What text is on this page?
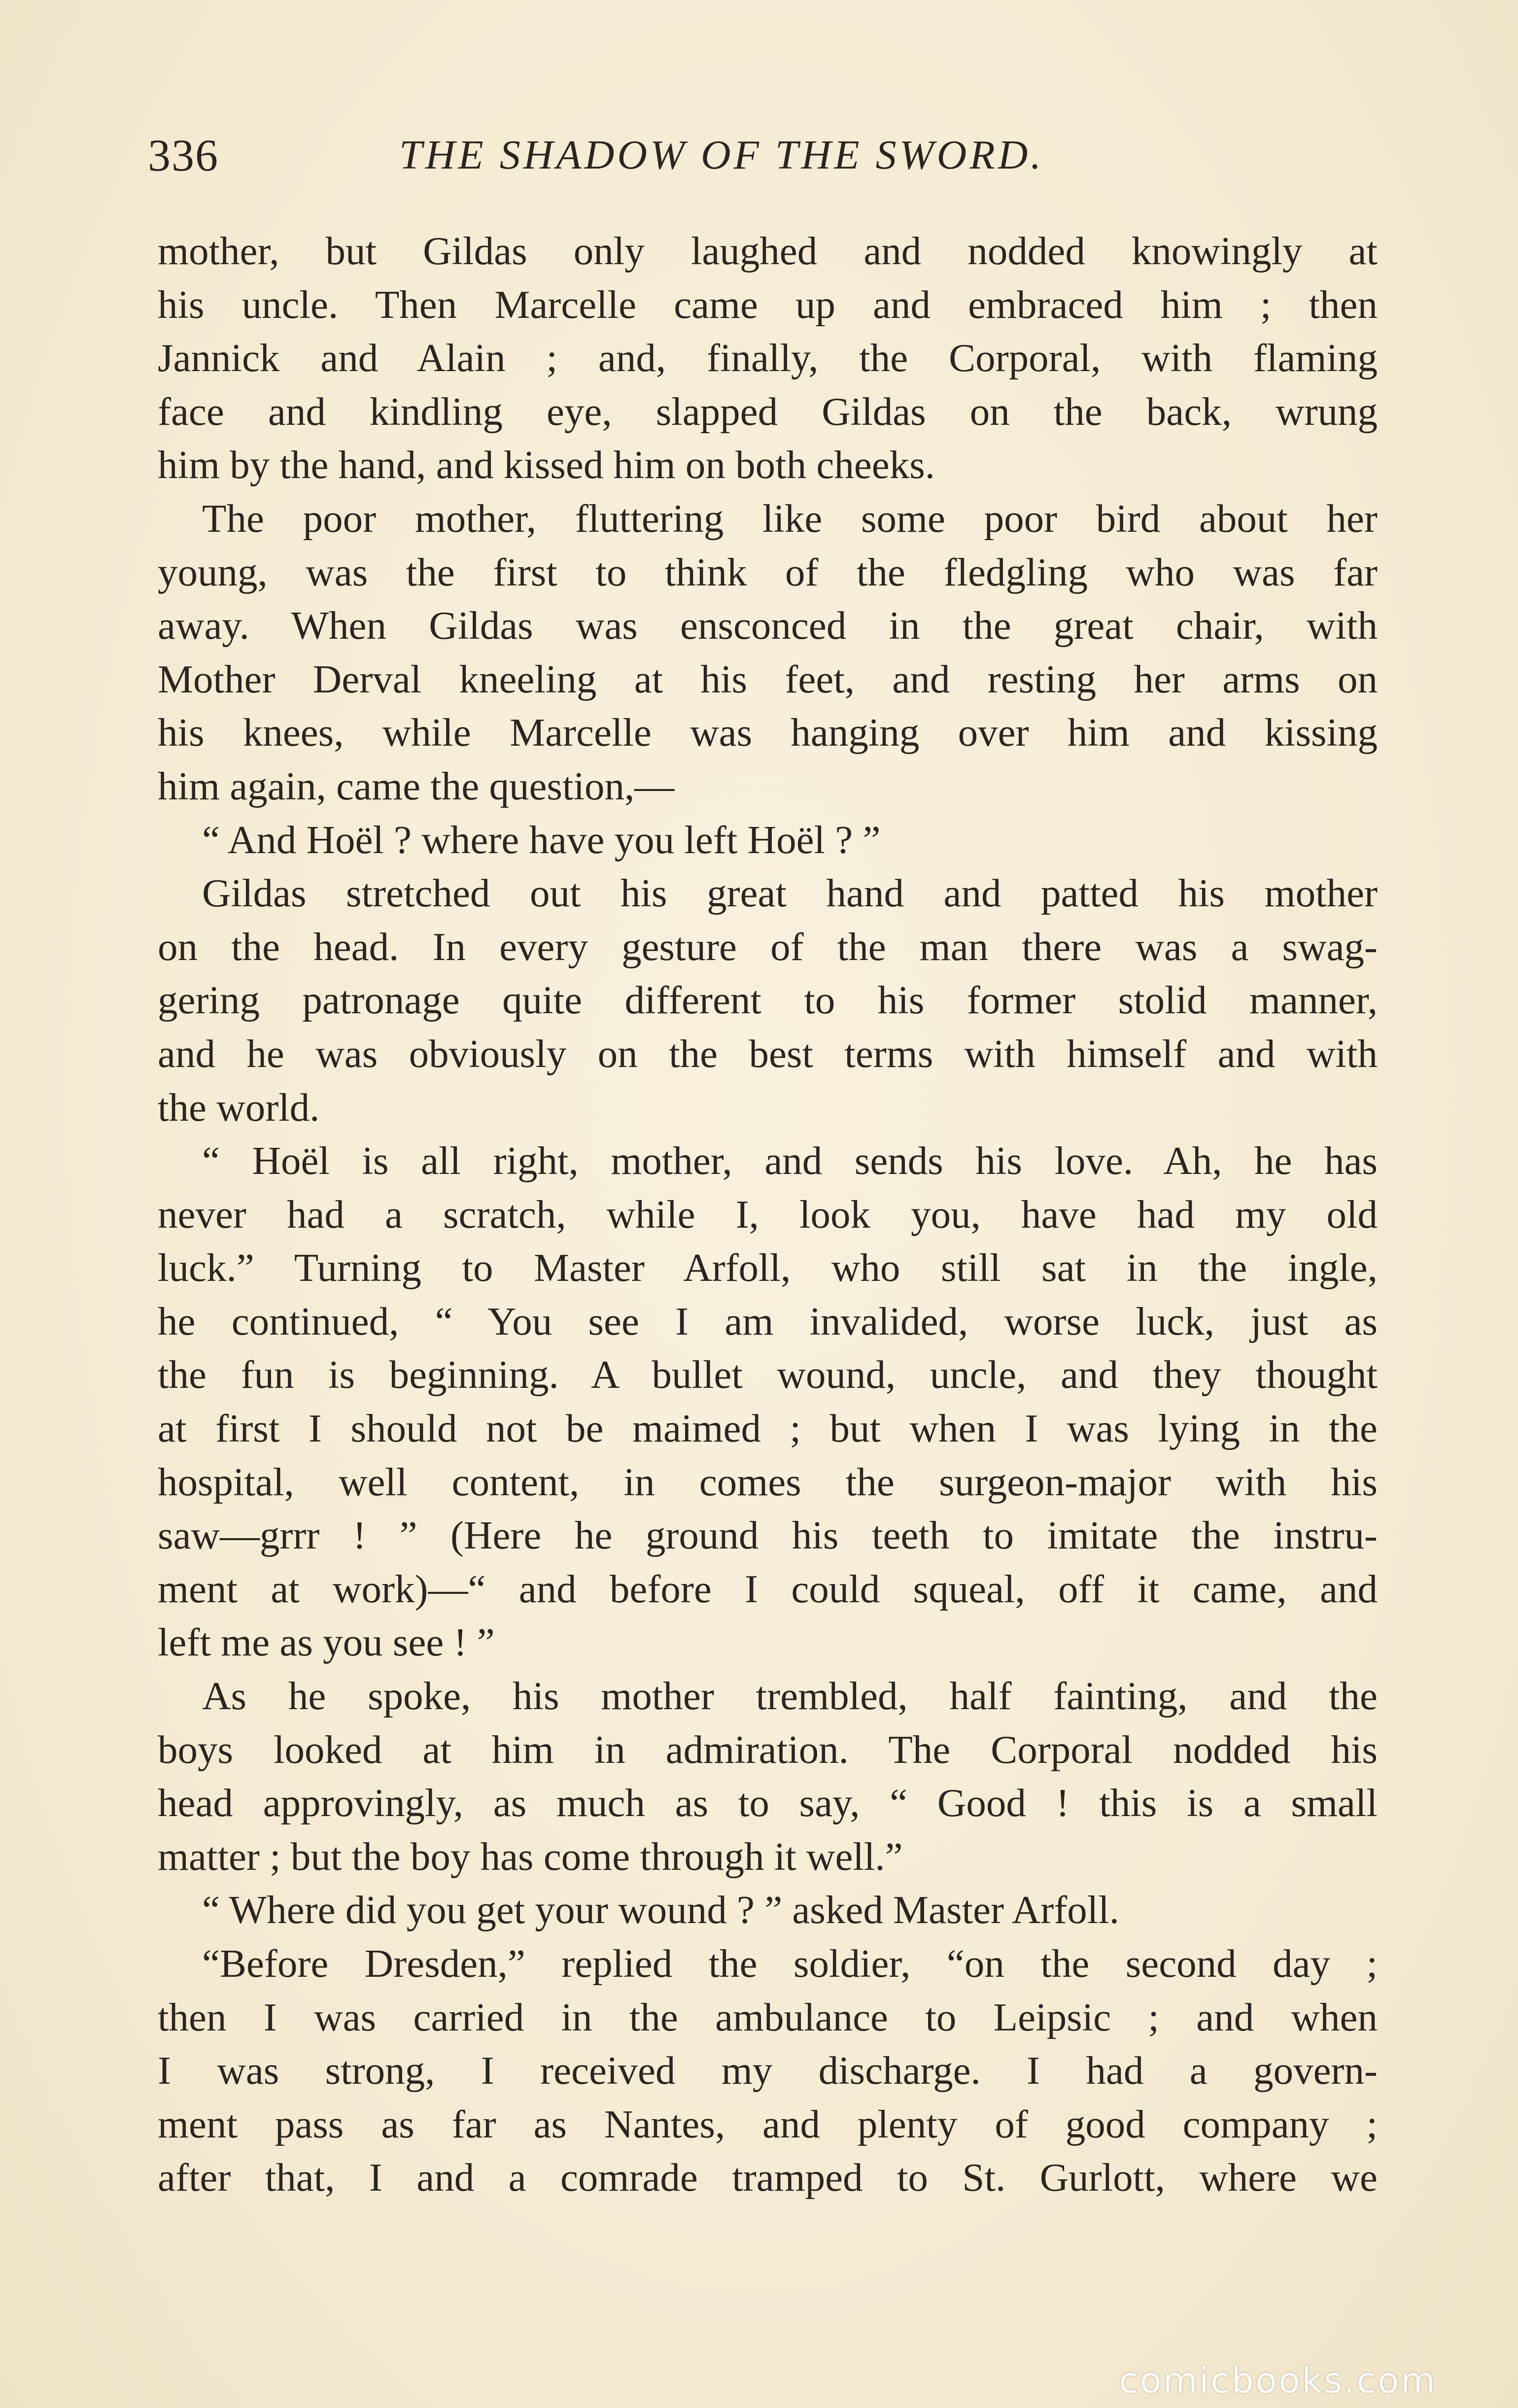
336	THE SHADOW OF THE SWORD.
mother, but Gildas only laughed and nodded knowingly at
his uncle. Then Marcelle came up and embraced him ; then
Jannick and Alain ; and, finally, the Corporal, with flaming
face and kindling eye, slapped Gildas on the back, wrung
him by the hand, and kissed him on both cheeks.
The poor mother, fluttering like some poor bird about her
young, was the first to think of the fledgling who was far
away. When Gildas was ensconced in the great chair, with
Mother Derval kneeling at his feet, and resting her arms on
his knees, while Marcelle was hanging over him and kissing
him again, came the question,—
“ And Hoël ? where have you left Hoël ? ”
Gildas stretched out his great hand and patted his mother
on the head. In every gesture of the man there was a swag-
gering patronage quite different to his former stolid manner,
and he was obviously on the best terms with himself and with
the world.
“ Hoël is all right, mother, and sends his love. Ah, he has
never had a scratch, while I, look you, have had my old
luck.” Turning to Master Arfoll, who still sat in the ingle,
he continued, “ You see I am invalided, worse luck, just as
the fun is beginning. A bullet wound, uncle, and they thought
at first I should not be maimed ; but when I was lying in the
hospital, well content, in comes the surgeon-major with his
saw—grrr ! ” (Here he ground his teeth to imitate the instru-
ment at work)—“ and before I could squeal, off it came, and
left me as you see ! ”
As he spoke, his mother trembled, half fainting, and the
boys looked at him in admiration. The Corporal nodded his
head approvingly, as much as to say, “ Good ! this is a small
matter ; but the boy has come through it well.”
“ Where did you get your wound ? ” asked Master Arfoll.
“Before Dresden,” replied the soldier, “on the second day ;
then I was carried in the ambulance to Leipsic ; and when
I was strong, I received my discharge. I had a govern-
ment pass as far as Nantes, and plenty of good company ;
after that, I and a comrade tramped to St. Gurlott, where we
comicbooks.com
